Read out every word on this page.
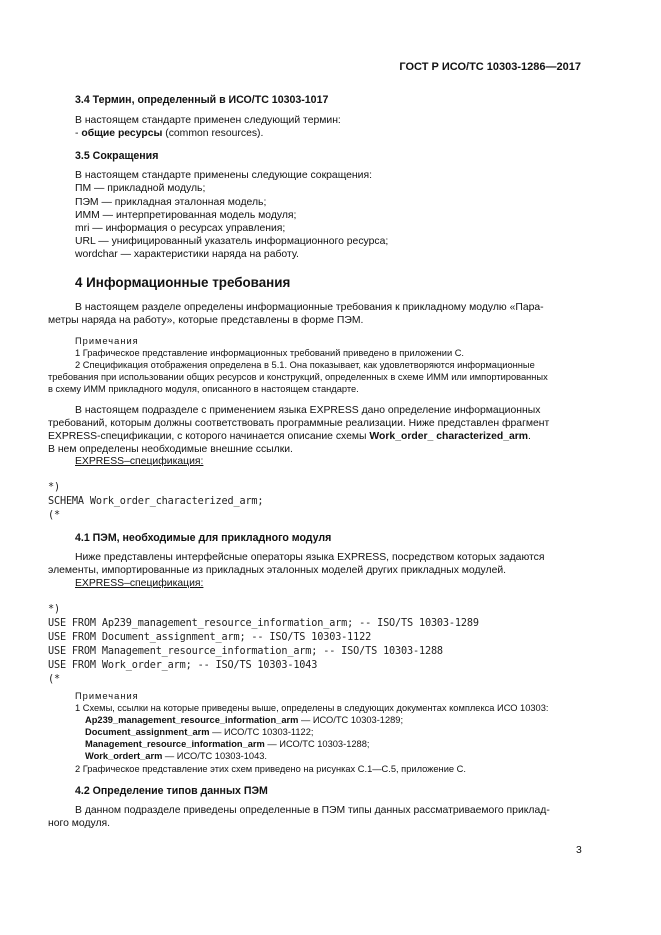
ГОСТ Р ИСО/ТС 10303-1286—2017
3.4 Термин, определенный в ИСО/ТС 10303-1017
В настоящем стандарте применен следующий термин:
- общие ресурсы (common resources).
3.5 Сокращения
В настоящем стандарте применены следующие сокращения:
ПМ — прикладной модуль;
ПЭМ — прикладная эталонная модель;
ИММ — интерпретированная модель модуля;
mri — информация о ресурсах управления;
URL — унифицированный указатель информационного ресурса;
wordchar — характеристики наряда на работу.
4 Информационные требования
В настоящем разделе определены информационные требования к прикладному модулю «Пара-
метры наряда на работу», которые представлены в форме ПЭМ.
Примечания
1 Графическое представление информационных требований приведено в приложении С.
2 Спецификация отображения определена в 5.1. Она показывает, как удовлетворяются информационные
требования при использовании общих ресурсов и конструкций, определенных в схеме ИММ или импортированных
в схему ИММ прикладного модуля, описанного в настоящем стандарте.
В настоящем подразделе с применением языка EXPRESS дано определение информационных
требований, которым должны соответствовать программные реализации. Ниже представлен фрагмент
EXPRESS-спецификации, с которого начинается описание схемы Work_order_ characterized_arm.
В нем определены необходимые внешние ссылки.
EXPRESS–спецификация:
*)
SCHEMA Work_order_characterized_arm;
(*
4.1 ПЭМ, необходимые для прикладного модуля
Ниже представлены интерфейсные операторы языка EXPRESS, посредством которых задаются
элементы, импортированные из прикладных эталонных моделей других прикладных модулей.
EXPRESS–спецификация:
*)
USE FROM Ap239_management_resource_information_arm; -- ISO/TS 10303-1289
USE FROM Document_assignment_arm; -- ISO/TS 10303-1122
USE FROM Management_resource_information_arm; -- ISO/TS 10303-1288
USE FROM Work_order_arm; -- ISO/TS 10303-1043
(*
Примечания
1 Схемы, ссылки на которые приведены выше, определены в следующих документах комплекса ИСО 10303:
Ap239_management_resource_information_arm — ИСО/ТС 10303-1289;
Document_assignment_arm — ИСО/ТС 10303-1122;
Management_resource_information_arm — ИСО/ТС 10303-1288;
Work_ordert_arm — ИСО/ТС 10303-1043.
2 Графическое представление этих схем приведено на рисунках С.1—С.5, приложение С.
4.2 Определение типов данных ПЭМ
В данном подразделе приведены определенные в ПЭМ типы данных рассматриваемого приклад-
ного модуля.
3
